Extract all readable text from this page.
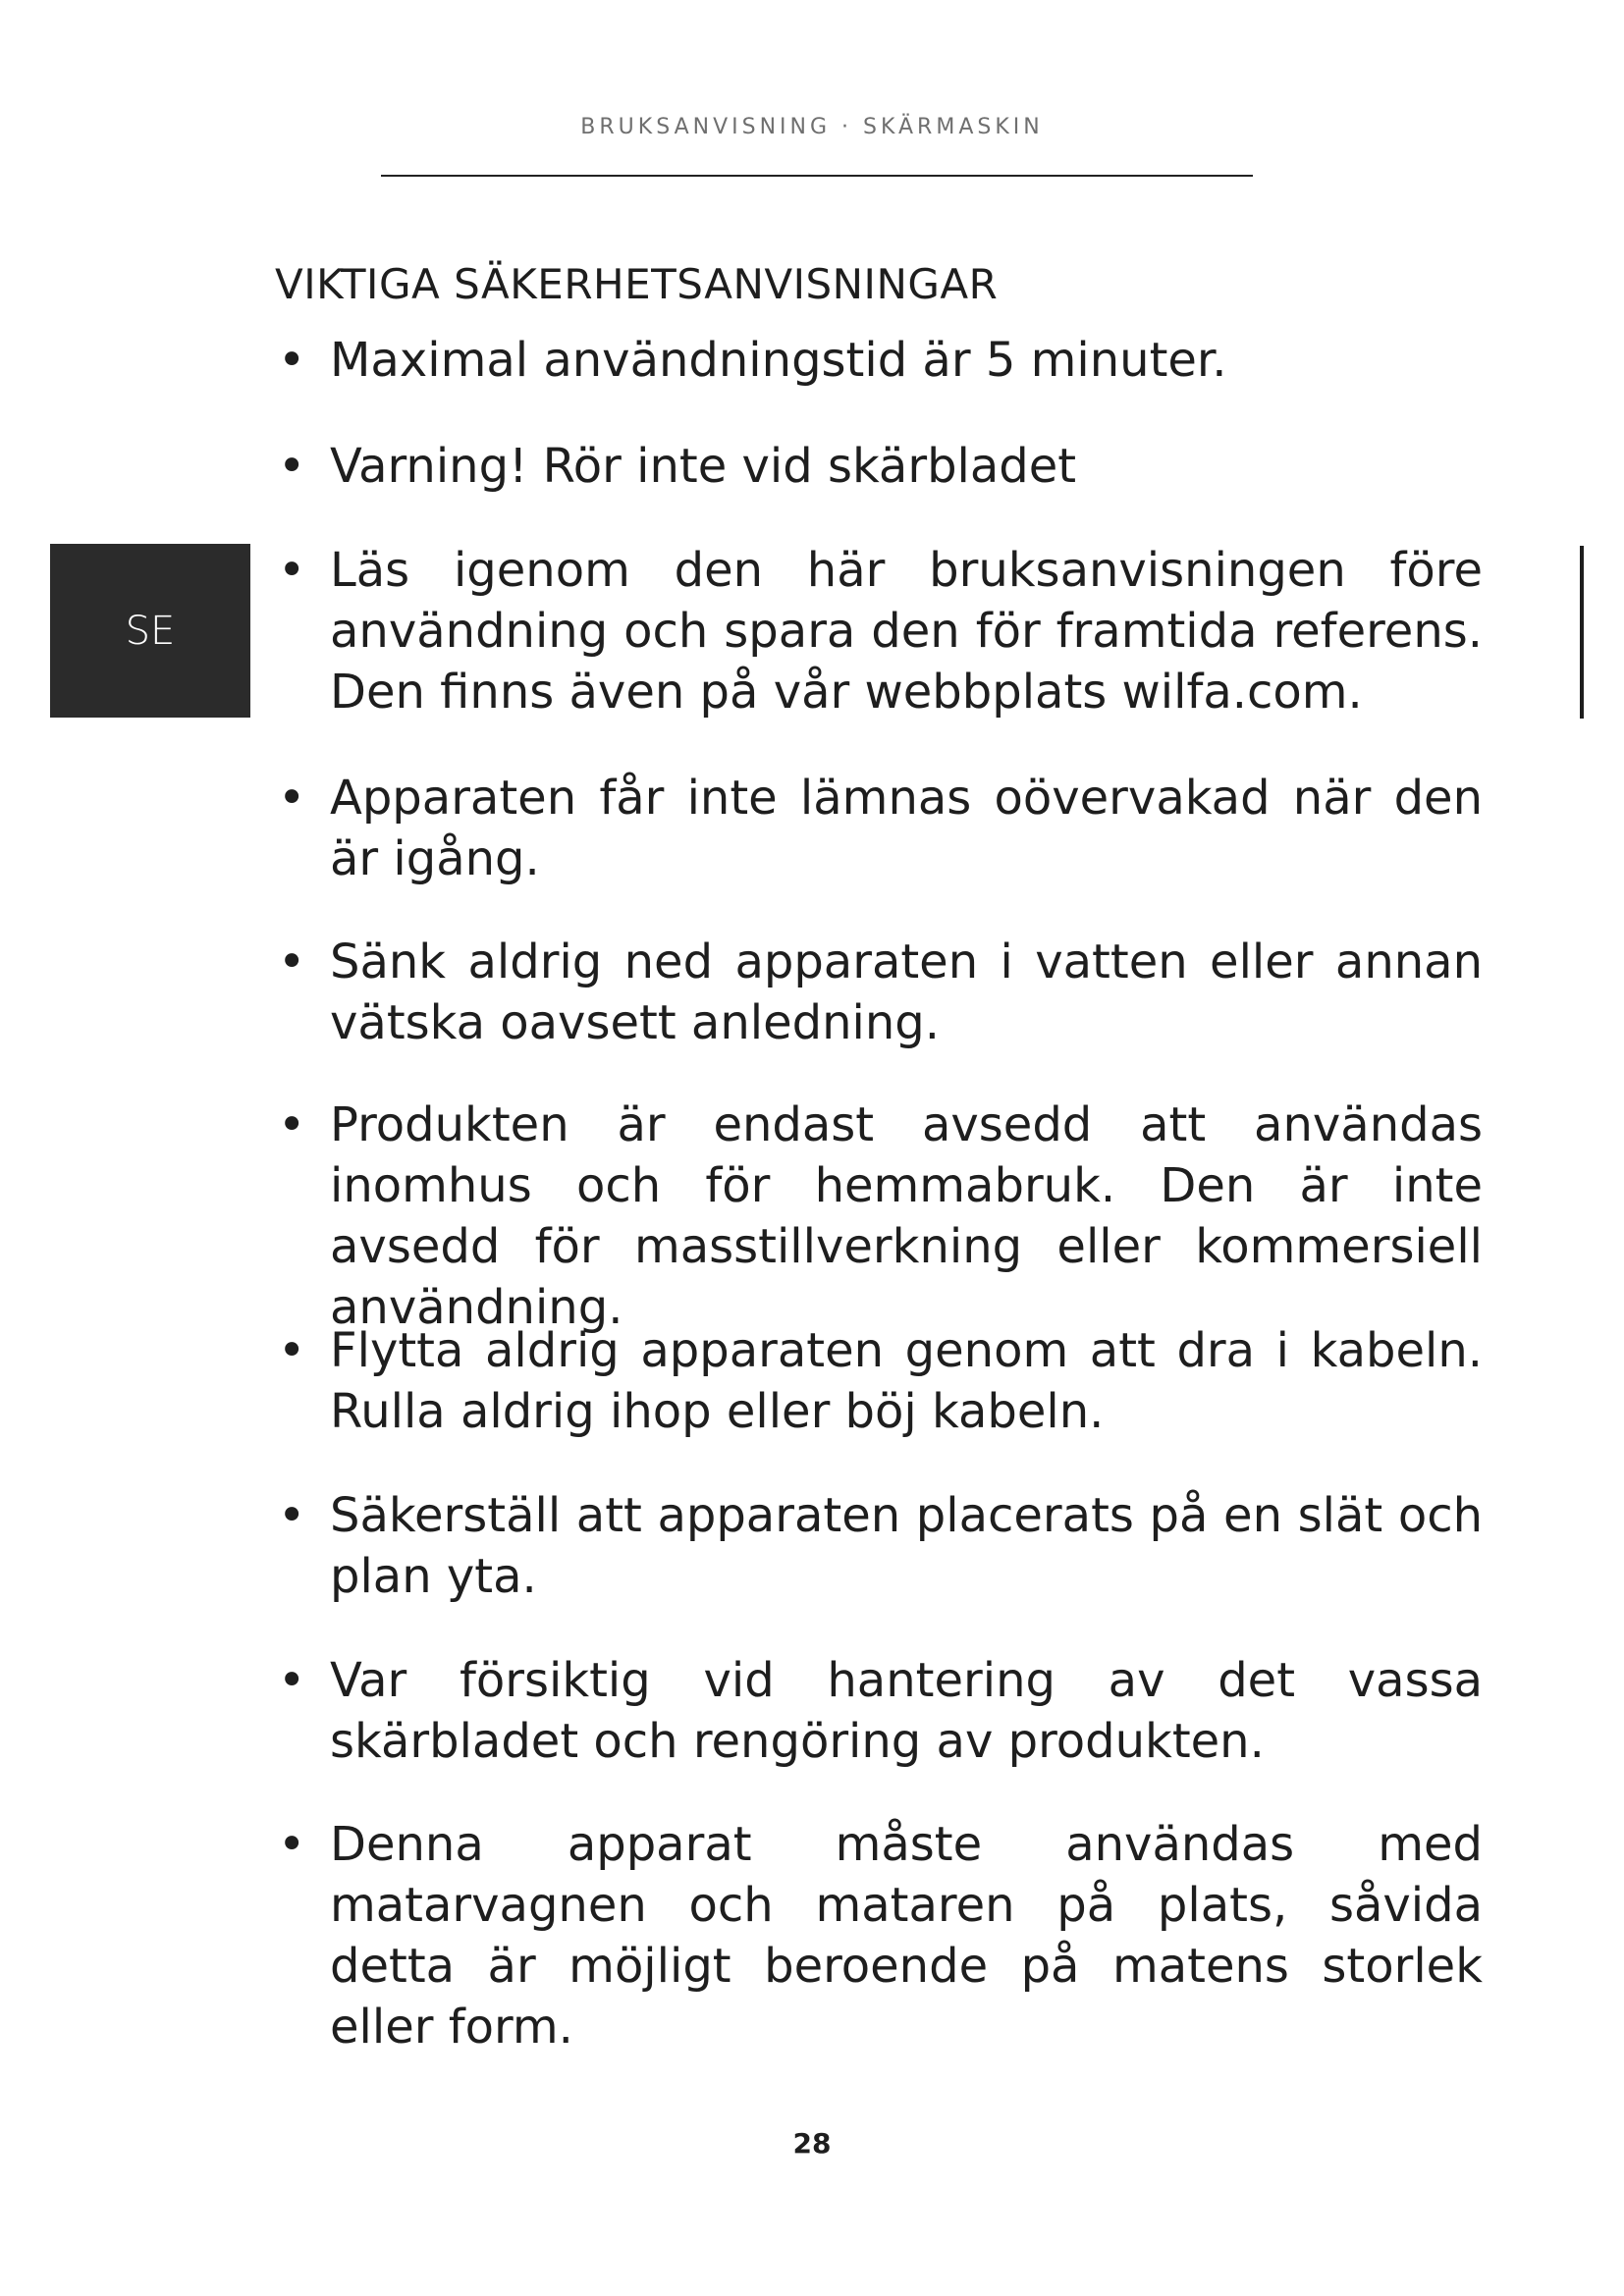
BRUKSANVISNING · SKÄRMASKIN
SE
VIKTIGA SÄKERHETSANVISNINGAR
• Maximal användningstid är 5 minuter.
• Varning! Rör inte vid skärbladet
• Läs igenom den här bruksanvisningen före användning och spara den för framtida referens. Den finns även på vår webbplats wilfa.com.
• Apparaten får inte lämnas oövervakad när den är igång.
• Sänk aldrig ned apparaten i vatten eller annan vätska oavsett anledning.
• Produkten är endast avsedd att användas inomhus och för hemmabruk. Den är inte avsedd för masstillverkning eller kommersiell användning.
• Flytta aldrig apparaten genom att dra i kabeln. Rulla aldrig ihop eller böj kabeln.
• Säkerställ att apparaten placerats på en slät och plan yta.
• Var försiktig vid hantering av det vassa skärbladet och rengöring av produkten.
• Denna apparat måste användas med matarvagnen och mataren på plats, såvida detta är möjligt beroende på matens storlek eller form.
28
